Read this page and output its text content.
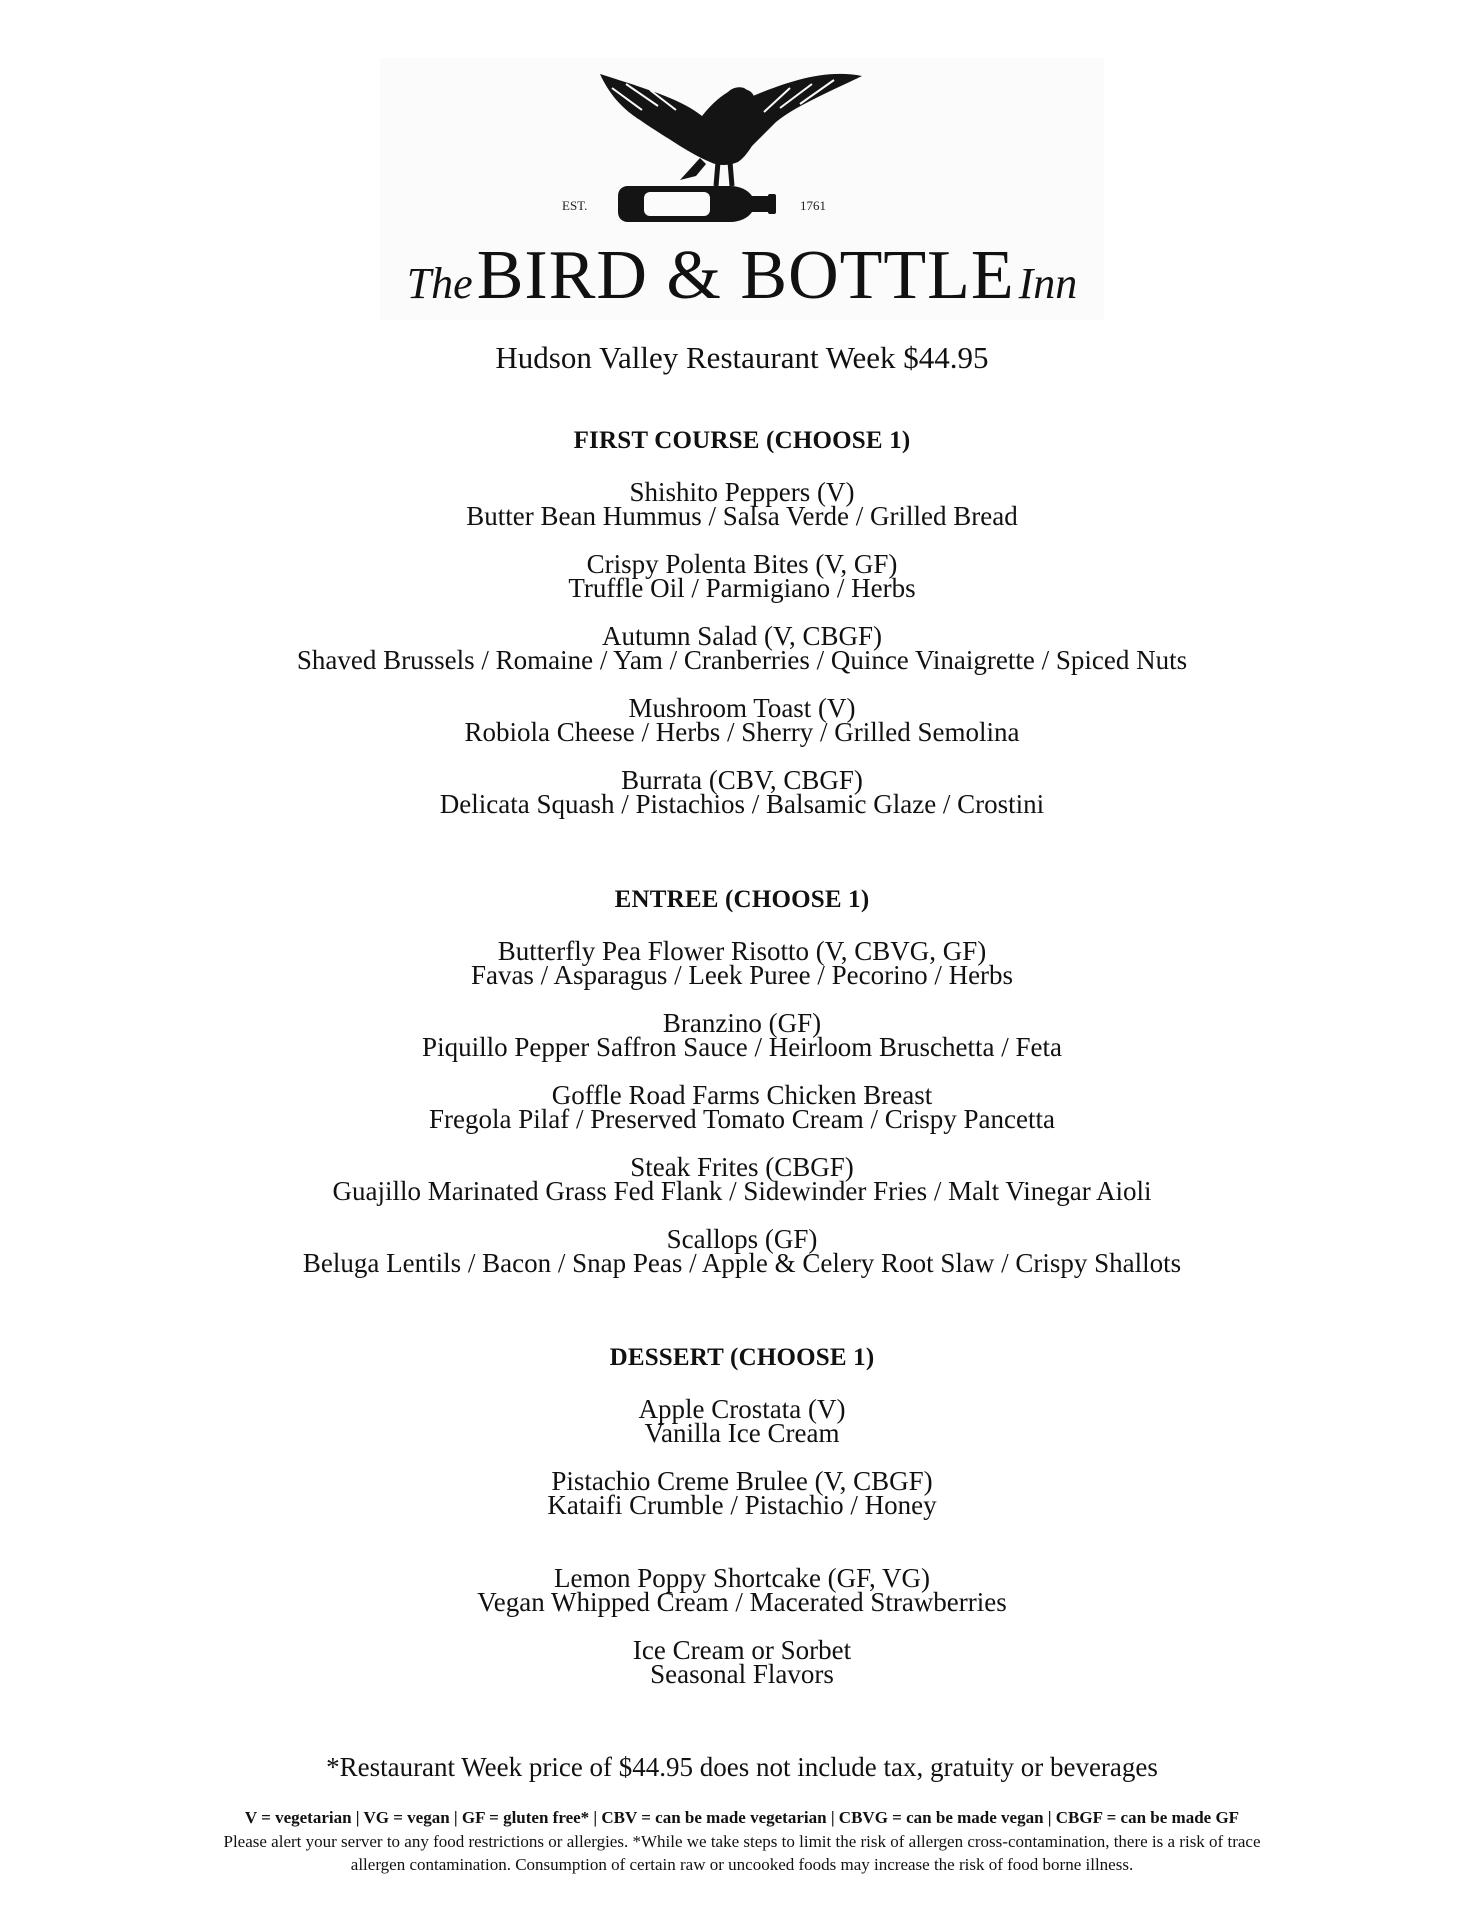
EST.	1761
The BIRD & BOTTLE Inn
Hudson Valley Restaurant Week $44.95
FIRST COURSE (CHOOSE 1)
Shishito Peppers (V)
Butter Bean Hummus / Salsa Verde / Grilled Bread
Crispy Polenta Bites (V, GF)
Truffle Oil / Parmigiano / Herbs
Autumn Salad (V, CBGF)
Shaved Brussels / Romaine / Yam / Cranberries / Quince Vinaigrette / Spiced Nuts
Mushroom Toast (V)
Robiola Cheese / Herbs / Sherry / Grilled Semolina
Burrata (CBV, CBGF)
Delicata Squash / Pistachios / Balsamic Glaze / Crostini
ENTREE (CHOOSE 1)
Butterfly Pea Flower Risotto (V, CBVG, GF)
Favas / Asparagus / Leek Puree / Pecorino / Herbs
Branzino (GF)
Piquillo Pepper Saffron Sauce / Heirloom Bruschetta / Feta
Goffle Road Farms Chicken Breast
Fregola Pilaf / Preserved Tomato Cream / Crispy Pancetta
Steak Frites (CBGF)
Guajillo Marinated Grass Fed Flank / Sidewinder Fries / Malt Vinegar Aioli
Scallops (GF)
Beluga Lentils / Bacon / Snap Peas / Apple & Celery Root Slaw / Crispy Shallots
DESSERT (CHOOSE 1)
Apple Crostata (V)
Vanilla Ice Cream
Pistachio Creme Brulee (V, CBGF)
Kataifi Crumble / Pistachio / Honey
Lemon Poppy Shortcake (GF, VG)
Vegan Whipped Cream / Macerated Strawberries
Ice Cream or Sorbet
Seasonal Flavors
*Restaurant Week price of $44.95 does not include tax, gratuity or beverages
V = vegetarian | VG = vegan | GF = gluten free* | CBV = can be made vegetarian | CBVG = can be made vegan | CBGF = can be made GF
Please alert your server to any food restrictions or allergies. *While we take steps to limit the risk of allergen cross-contamination, there is a risk of trace
allergen contamination. Consumption of certain raw or uncooked foods may increase the risk of food borne illness.
